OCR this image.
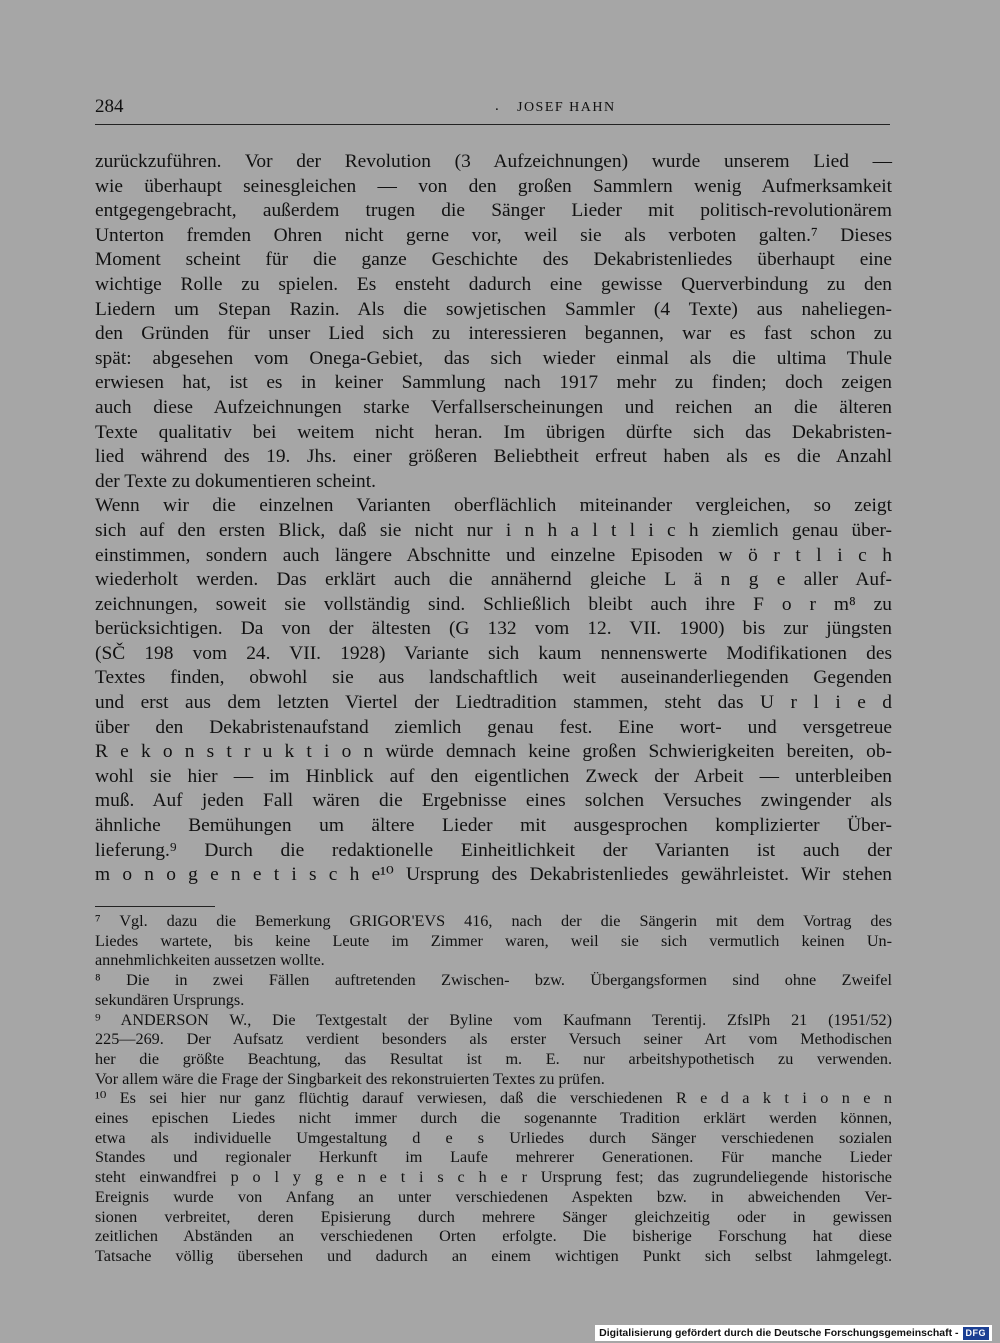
284	. JOSEF HAHN
zurückzuführen. Vor der Revolution (3 Aufzeichnungen) wurde unserem Lied —
wie überhaupt seinesgleichen — von den großen Sammlern wenig Aufmerksamkeit
entgegengebracht, außerdem trugen die Sänger Lieder mit politisch-revolutionärem
Unterton fremden Ohren nicht gerne vor, weil sie als verboten galten.⁷ Dieses
Moment scheint für die ganze Geschichte des Dekabristenliedes überhaupt eine
wichtige Rolle zu spielen. Es ensteht dadurch eine gewisse Querverbindung zu den
Liedern um Stepan Razin. Als die sowjetischen Sammler (4 Texte) aus naheliegen-
den Gründen für unser Lied sich zu interessieren begannen, war es fast schon zu
spät: abgesehen vom Onega-Gebiet, das sich wieder einmal als die ultima Thule
erwiesen hat, ist es in keiner Sammlung nach 1917 mehr zu finden; doch zeigen
auch diese Aufzeichnungen starke Verfallserscheinungen und reichen an die älteren
Texte qualitativ bei weitem nicht heran. Im übrigen dürfte sich das Dekabristen-
lied während des 19. Jhs. einer größeren Beliebtheit erfreut haben als es die Anzahl
der Texte zu dokumentieren scheint.
Wenn wir die einzelnen Varianten oberflächlich miteinander vergleichen, so zeigt
sich auf den ersten Blick, daß sie nicht nur i n h a l t l i c h ziemlich genau über-
einstimmen, sondern auch längere Abschnitte und einzelne Episoden w ö r t l i c h
wiederholt werden. Das erklärt auch die annähernd gleiche L ä n g e aller Auf-
zeichnungen, soweit sie vollständig sind. Schließlich bleibt auch ihre F o r m⁸ zu
berücksichtigen. Da von der ältesten (G 132 vom 12. VII. 1900) bis zur jüngsten
(SČ 198 vom 24. VII. 1928) Variante sich kaum nennenswerte Modifikationen des
Textes finden, obwohl sie aus landschaftlich weit auseinanderliegenden Gegenden
und erst aus dem letzten Viertel der Liedtradition stammen, steht das U r l i e d
über den Dekabristenaufstand ziemlich genau fest. Eine wort- und versgetreue
R e k o n s t r u k t i o n würde demnach keine großen Schwierigkeiten bereiten, ob-
wohl sie hier — im Hinblick auf den eigentlichen Zweck der Arbeit — unterbleiben
muß. Auf jeden Fall wären die Ergebnisse eines solchen Versuches zwingender als
ähnliche Bemühungen um ältere Lieder mit ausgesprochen komplizierter Über-
lieferung.⁹ Durch die redaktionelle Einheitlichkeit der Varianten ist auch der
m o n o g e n e t i s c h e¹⁰ Ursprung des Dekabristenliedes gewährleistet. Wir stehen
⁷ Vgl. dazu die Bemerkung GRIGOR'EVS 416, nach der die Sängerin mit dem Vortrag des
Liedes wartete, bis keine Leute im Zimmer waren, weil sie sich vermutlich keinen Un-
annehmlichkeiten aussetzen wollte.
⁸ Die in zwei Fällen auftretenden Zwischen- bzw. Übergangsformen sind ohne Zweifel
sekundären Ursprungs.
⁹ ANDERSON W., Die Textgestalt der Byline vom Kaufmann Terentij. ZfslPh 21 (1951/52)
225—269. Der Aufsatz verdient besonders als erster Versuch seiner Art vom Methodischen
her die größte Beachtung, das Resultat ist m. E. nur arbeitshypothetisch zu verwenden.
Vor allem wäre die Frage der Singbarkeit des rekonstruierten Textes zu prüfen.
¹⁰ Es sei hier nur ganz flüchtig darauf verwiesen, daß die verschiedenen R e d a k t i o n e n
eines epischen Liedes nicht immer durch die sogenannte Tradition erklärt werden können,
etwa als individuelle Umgestaltung d e s Urliedes durch Sänger verschiedenen sozialen
Standes und regionaler Herkunft im Laufe mehrerer Generationen. Für manche Lieder
steht einwandfrei p o l y g e n e t i s c h e r Ursprung fest; das zugrundeliegende historische
Ereignis wurde von Anfang an unter verschiedenen Aspekten bzw. in abweichenden Ver-
sionen verbreitet, deren Episierung durch mehrere Sänger gleichzeitig oder in gewissen
zeitlichen Abständen an verschiedenen Orten erfolgte. Die bisherige Forschung hat diese
Tatsache völlig übersehen und dadurch an einem wichtigen Punkt sich selbst lahmgelegt.
Digitalisierung gefördert durch die Deutsche Forschungsgemeinschaft - DFG
